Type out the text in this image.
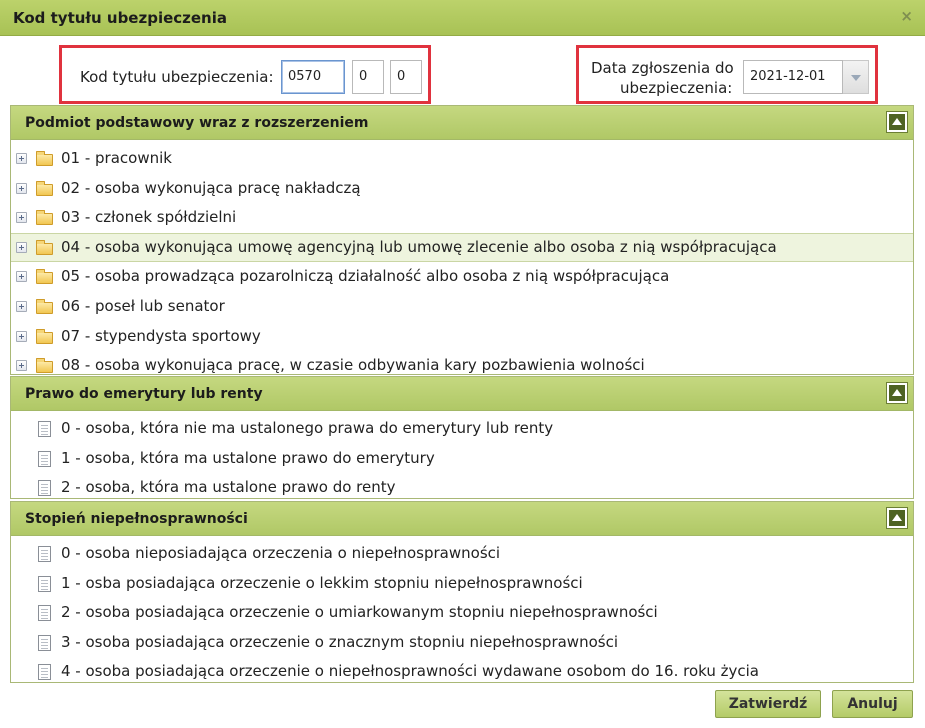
Kod tytułu ubezpieczenia	×
Kod tytułu ubezpieczenia:	0570	0	0	Data zgłoszenia do
ubezpieczenia:
2021-12-01
Podmiot podstawowy wraz z rozszerzeniem
01 - pracownik
02 - osoba wykonująca pracę nakładczą
03 - członek spółdzielni
04 - osoba wykonująca umowę agencyjną lub umowę zlecenie albo osoba z nią współpracująca
05 - osoba prowadząca pozarolniczą działalność albo osoba z nią współpracująca
06 - poseł lub senator
07 - stypendysta sportowy
08 - osoba wykonująca pracę, w czasie odbywania kary pozbawienia wolności
Prawo do emerytury lub renty
0 - osoba, która nie ma ustalonego prawa do emerytury lub renty
1 - osoba, która ma ustalone prawo do emerytury
2 - osoba, która ma ustalone prawo do renty
Stopień niepełnosprawności
0 - osoba nieposiadająca orzeczenia o niepełnosprawności
1 - osba posiadająca orzeczenie o lekkim stopniu niepełnosprawności
2 - osoba posiadająca orzeczenie o umiarkowanym stopniu niepełnosprawności
3 - osoba posiadająca orzeczenie o znacznym stopniu niepełnosprawności
4 - osoba posiadająca orzeczenie o niepełnosprawności wydawane osobom do 16. roku życia
Zatwierdź	Anuluj
